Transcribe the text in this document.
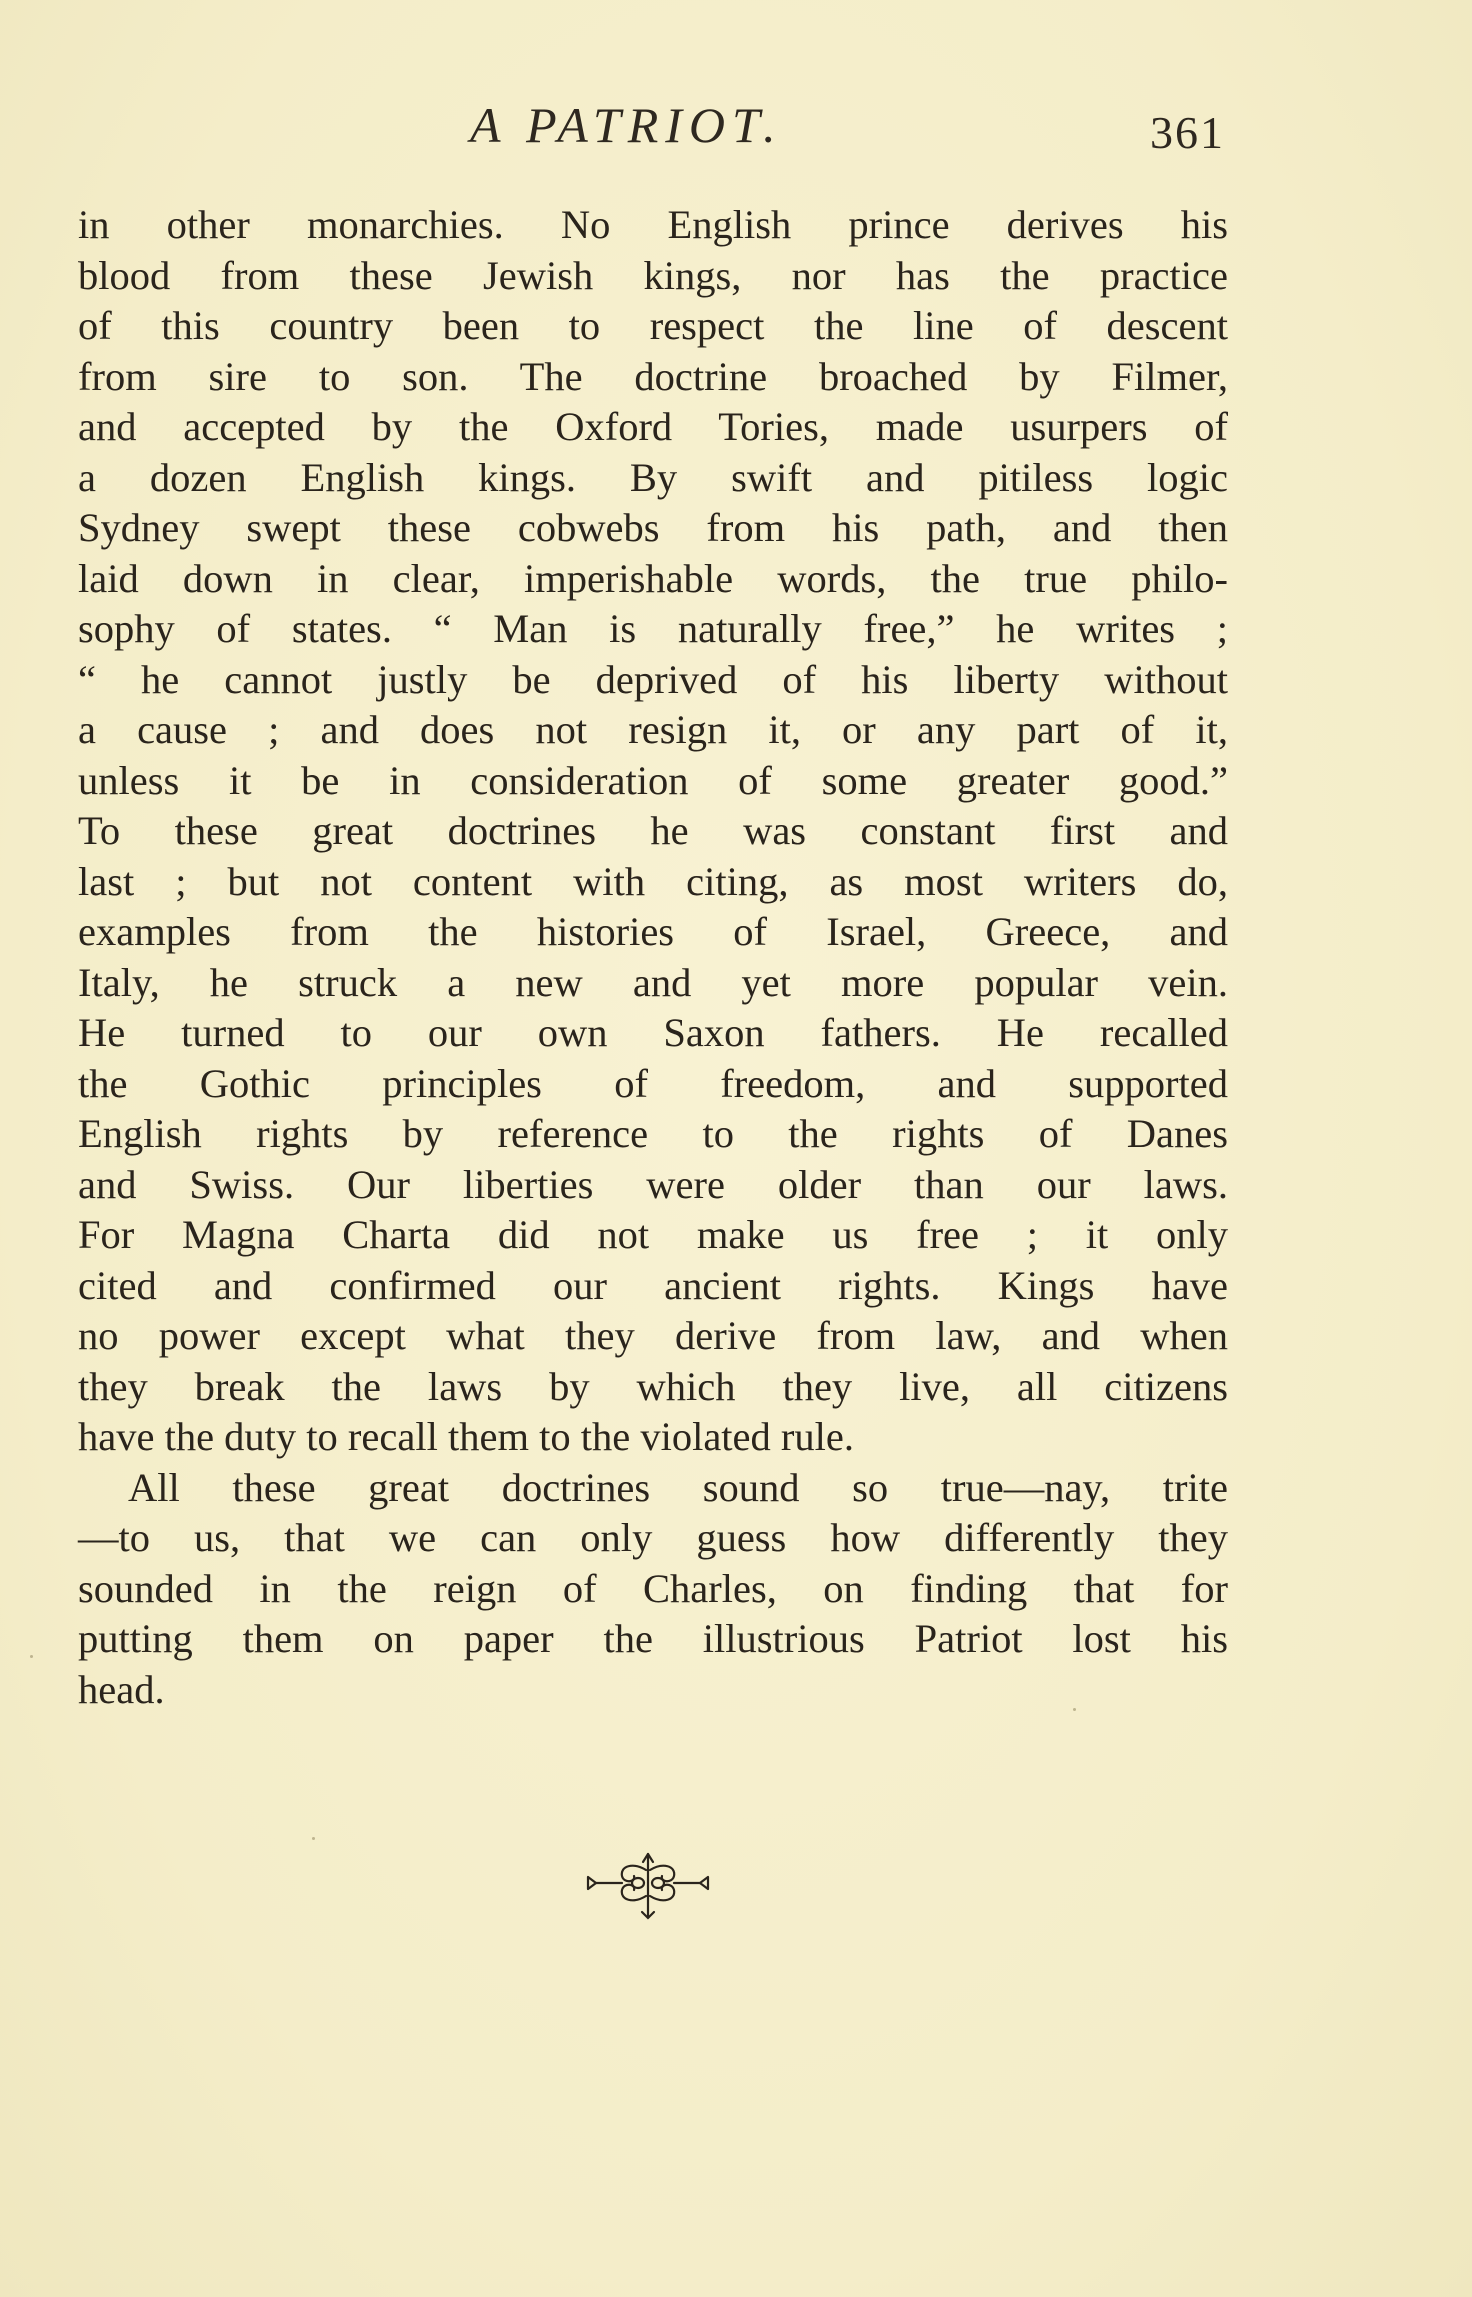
A PATRIOT.	361
in other monarchies. No English prince derives his
blood from these Jewish kings, nor has the practice
of this country been to respect the line of descent
from sire to son. The doctrine broached by Filmer,
and accepted by the Oxford Tories, made usurpers of
a dozen English kings. By swift and pitiless logic
Sydney swept these cobwebs from his path, and then
laid down in clear, imperishable words, the true philo-
sophy of states. “ Man is naturally free,” he writes ;
“ he cannot justly be deprived of his liberty without
a cause ; and does not resign it, or any part of it,
unless it be in consideration of some greater good.”
To these great doctrines he was constant first and
last ; but not content with citing, as most writers do,
examples from the histories of Israel, Greece, and
Italy, he struck a new and yet more popular vein.
He turned to our own Saxon fathers. He recalled
the Gothic principles of freedom, and supported
English rights by reference to the rights of Danes
and Swiss. Our liberties were older than our laws.
For Magna Charta did not make us free ; it only
cited and confirmed our ancient rights. Kings have
no power except what they derive from law, and when
they break the laws by which they live, all citizens
have the duty to recall them to the violated rule.
All these great doctrines sound so true—nay, trite
—to us, that we can only guess how differently they
sounded in the reign of Charles, on finding that for
putting them on paper the illustrious Patriot lost his
head.
